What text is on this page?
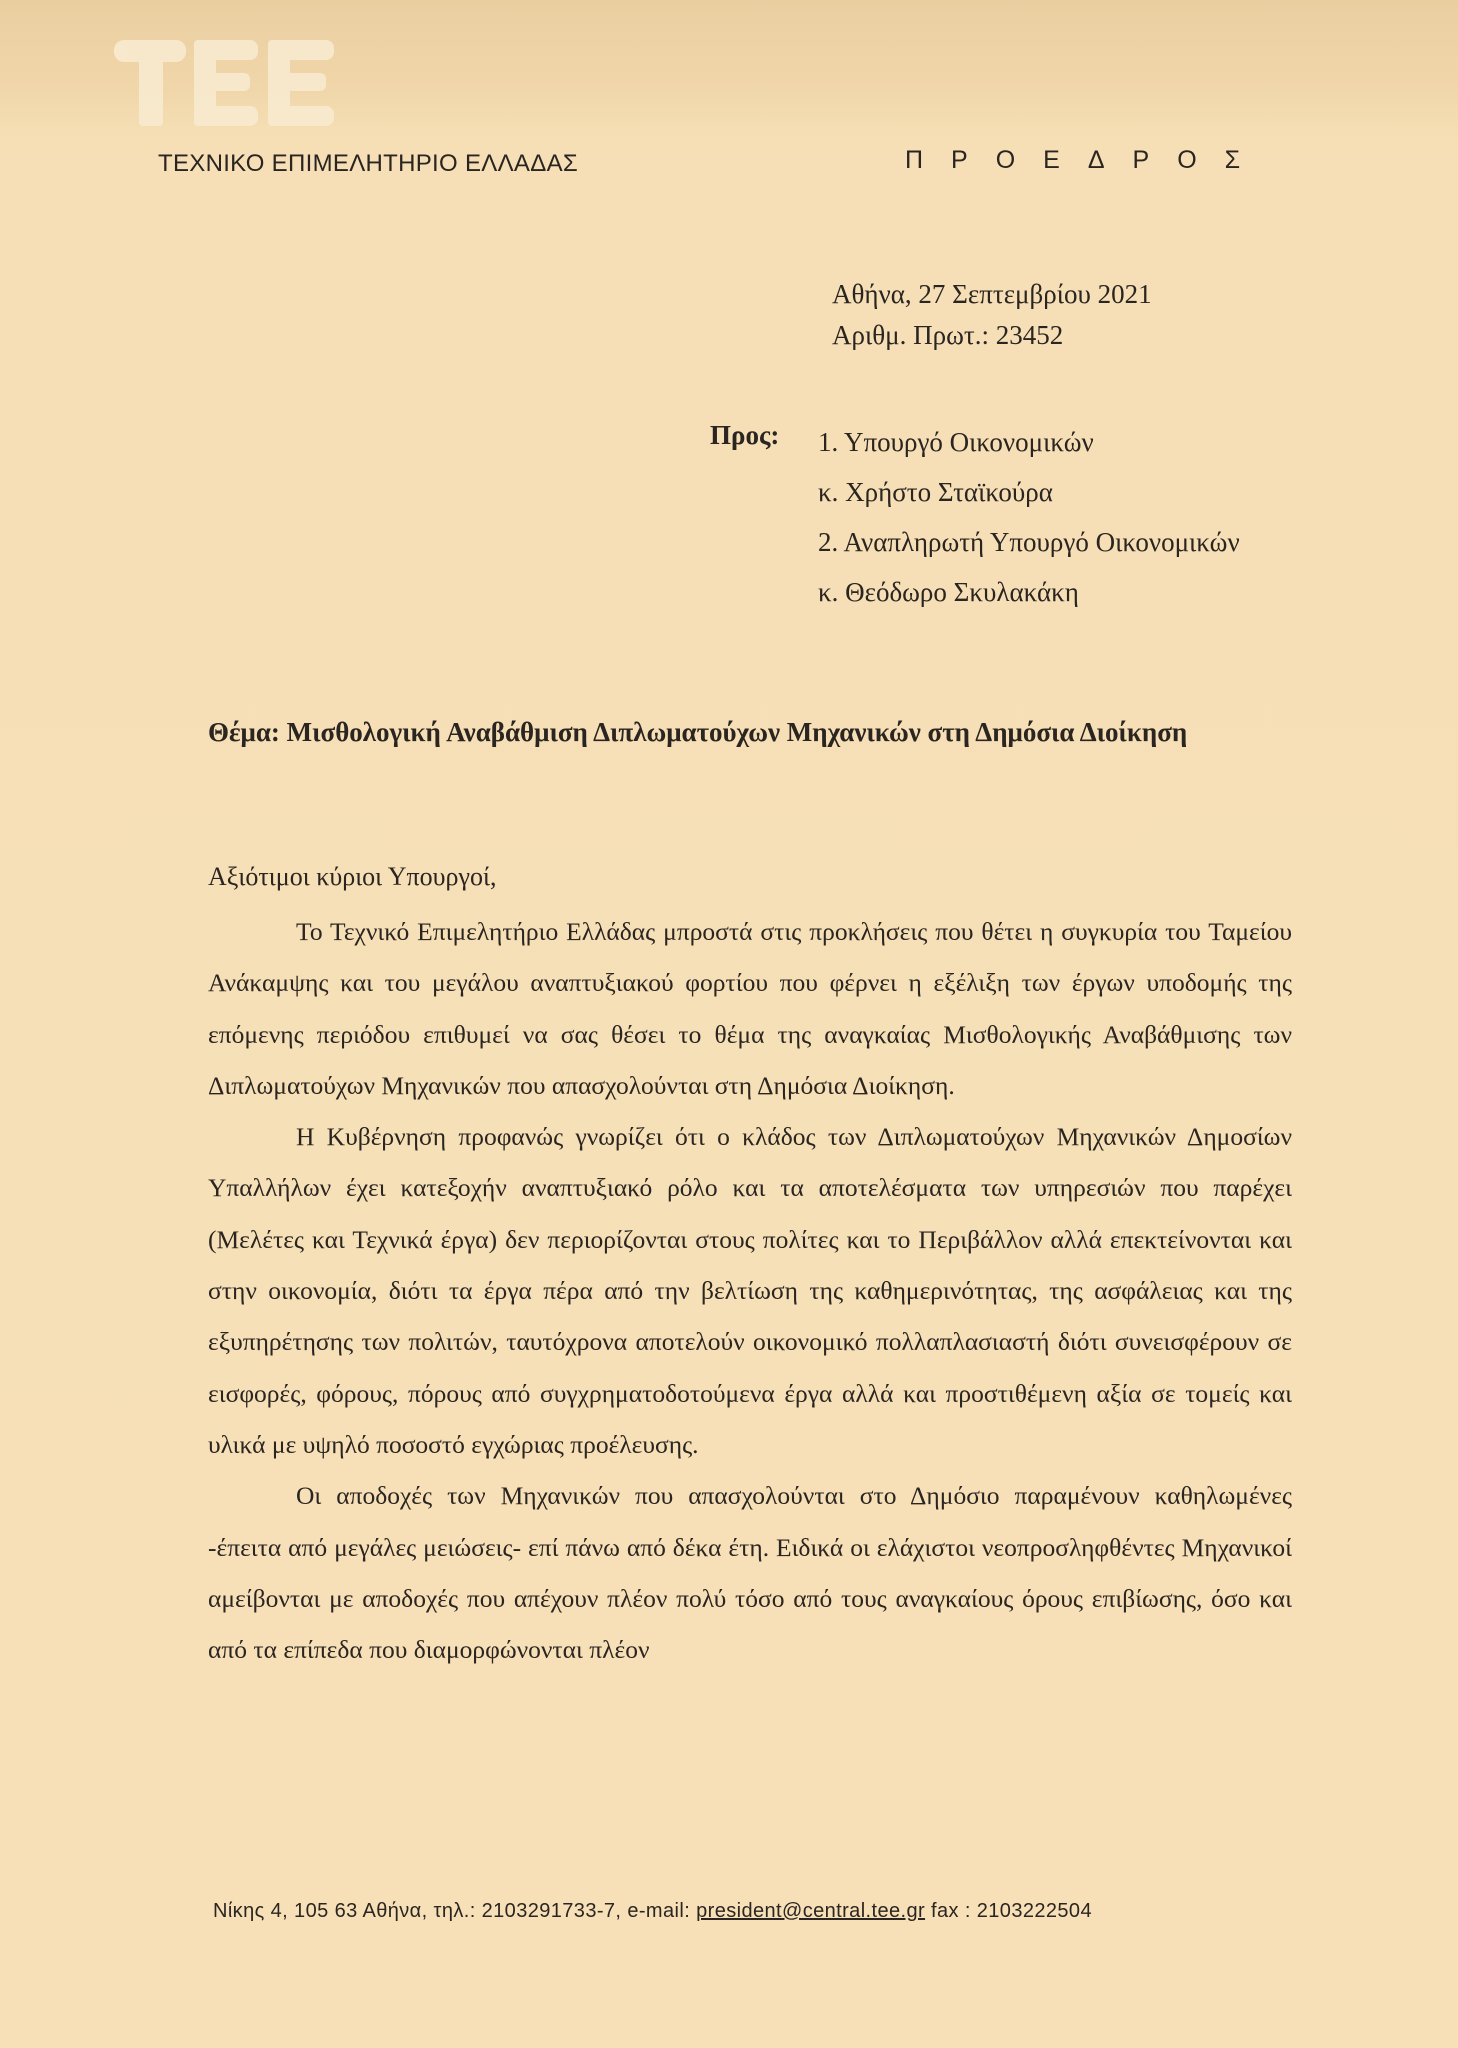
ΤΕΧΝΙΚΟ ΕΠΙΜΕΛΗΤΗΡΙΟ ΕΛΛΑΔΑΣ	ΠΡΟΕΔΡΟΣ
Αθήνα, 27 Σεπτεμβρίου 2021
Αριθμ. Πρωτ.: 23452
Προς: 1. Υπουργό Οικονομικών
κ. Χρήστο Σταϊκούρα
2. Αναπληρωτή Υπουργό Οικονομικών
κ. Θεόδωρο Σκυλακάκη
Θέμα: Μισθολογική Αναβάθμιση Διπλωματούχων Μηχανικών στη Δημόσια Διοίκηση
Αξιότιμοι κύριοι Υπουργοί,

Το Τεχνικό Επιμελητήριο Ελλάδας μπροστά στις προκλήσεις που θέτει η συγκυρία του Ταμείου Ανάκαμψης και του μεγάλου αναπτυξιακού φορτίου που φέρνει η εξέλιξη των έργων υποδομής της επόμενης περιόδου επιθυμεί να σας θέσει το θέμα της αναγκαίας Μισθολογικής Αναβάθμισης των Διπλωματούχων Μηχανικών που απασχολούνται στη Δημόσια Διοίκηση.

Η Κυβέρνηση προφανώς γνωρίζει ότι ο κλάδος των Διπλωματούχων Μηχανικών Δημοσίων Υπαλλήλων έχει κατεξοχήν αναπτυξιακό ρόλο και τα αποτελέσματα των υπηρεσιών που παρέχει (Μελέτες και Τεχνικά έργα) δεν περιορίζονται στους πολίτες και το Περιβάλλον αλλά επεκτείνονται και στην οικονομία, διότι τα έργα πέρα από την βελτίωση της καθημερινότητας, της ασφάλειας και της εξυπηρέτησης των πολιτών, ταυτόχρονα αποτελούν οικονομικό πολλαπλασιαστή διότι συνεισφέρουν σε εισφορές, φόρους, πόρους από συγχρηματοδοτούμενα έργα αλλά και προστιθέμενη αξία σε τομείς και υλικά με υψηλό ποσοστό εγχώριας προέλευσης.

Οι αποδοχές των Μηχανικών που απασχολούνται στο Δημόσιο παραμένουν καθηλωμένες -έπειτα από μεγάλες μειώσεις- επί πάνω από δέκα έτη. Ειδικά οι ελάχιστοι νεοπροσληφθέντες Μηχανικοί αμείβονται με αποδοχές που απέχουν πλέον πολύ τόσο από τους αναγκαίους όρους επιβίωσης, όσο και από τα επίπεδα που διαμορφώνονται πλέον

Νίκης 4, 105 63 Αθήνα, τηλ.: 2103291733-7, e-mail: president@central.tee.gr fax : 2103222504
